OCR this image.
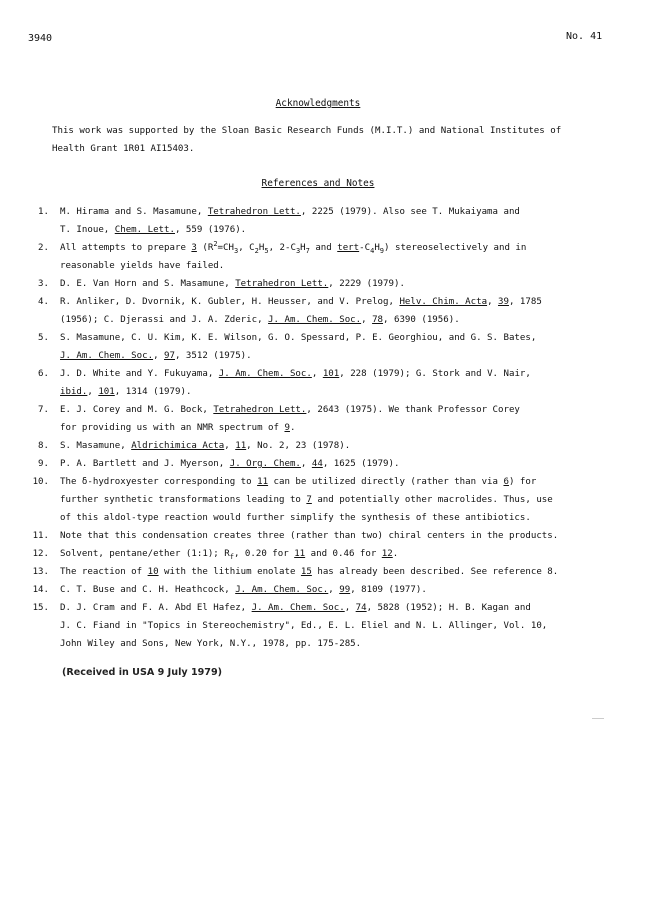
3940	No. 41
Acknowledgments
This work was supported by the Sloan Basic Research Funds (M.I.T.) and National Institutes of
Health Grant 1R01 AI15403.
References and Notes
1.	M. Hirama and S. Masamune, Tetrahedron Lett., 2225 (1979). Also see T. Mukaiyama and
T. Inoue, Chem. Lett., 559 (1976).
2.	All attempts to prepare 3 ($R^2=CH_3$, $C_2H_5$, $2-C_3H_7$ and tert-$C_4H_9$) stereoselectively and in
reasonable yields have failed.
3.	D. E. Van Horn and S. Masamune, Tetrahedron Lett., 2229 (1979).
4.	R. Anliker, D. Dvornik, K. Gubler, H. Heusser, and V. Prelog, Helv. Chim. Acta, 39, 1785
(1956); C. Djerassi and J. A. Zderic, J. Am. Chem. Soc., 78, 6390 (1956).
5.	S. Masamune, C. U. Kim, K. E. Wilson, G. O. Spessard, P. E. Georghiou, and G. S. Bates,
J. Am. Chem. Soc., 97, 3512 (1975).
6.	J. D. White and Y. Fukuyama, J. Am. Chem. Soc., 101, 228 (1979); G. Stork and V. Nair,
ibid., 101, 1314 (1979).
7.	E. J. Corey and M. G. Bock, Tetrahedron Lett., 2643 (1975). We thank Professor Corey
for providing us with an NMR spectrum of 9.
8.	S. Masamune, Aldrichimica Acta, 11, No. 2, 23 (1978).
9.	P. A. Bartlett and J. Myerson, J. Org. Chem., 44, 1625 (1979).
10.	The δ-hydroxyester corresponding to 11 can be utilized directly (rather than via 6) for
further synthetic transformations leading to 7 and potentially other macrolides. Thus, use
of this aldol-type reaction would further simplify the synthesis of these antibiotics.
11.	Note that this condensation creates three (rather than two) chiral centers in the products.
12.	Solvent, pentane/ether (1:1); $R_f$, 0.20 for 11 and 0.46 for 12.
13.	The reaction of 10 with the lithium enolate 15 has already been described. See reference 8.
14.	C. T. Buse and C. H. Heathcock, J. Am. Chem. Soc., 99, 8109 (1977).
15.	D. J. Cram and F. A. Abd El Hafez, J. Am. Chem. Soc., 74, 5828 (1952); H. B. Kagan and
J. C. Fiand in "Topics in Stereochemistry", Ed., E. L. Eliel and N. L. Allinger, Vol. 10,
John Wiley and Sons, New York, N.Y., 1978, pp. 175-285.
(Received in USA 9 July 1979)
